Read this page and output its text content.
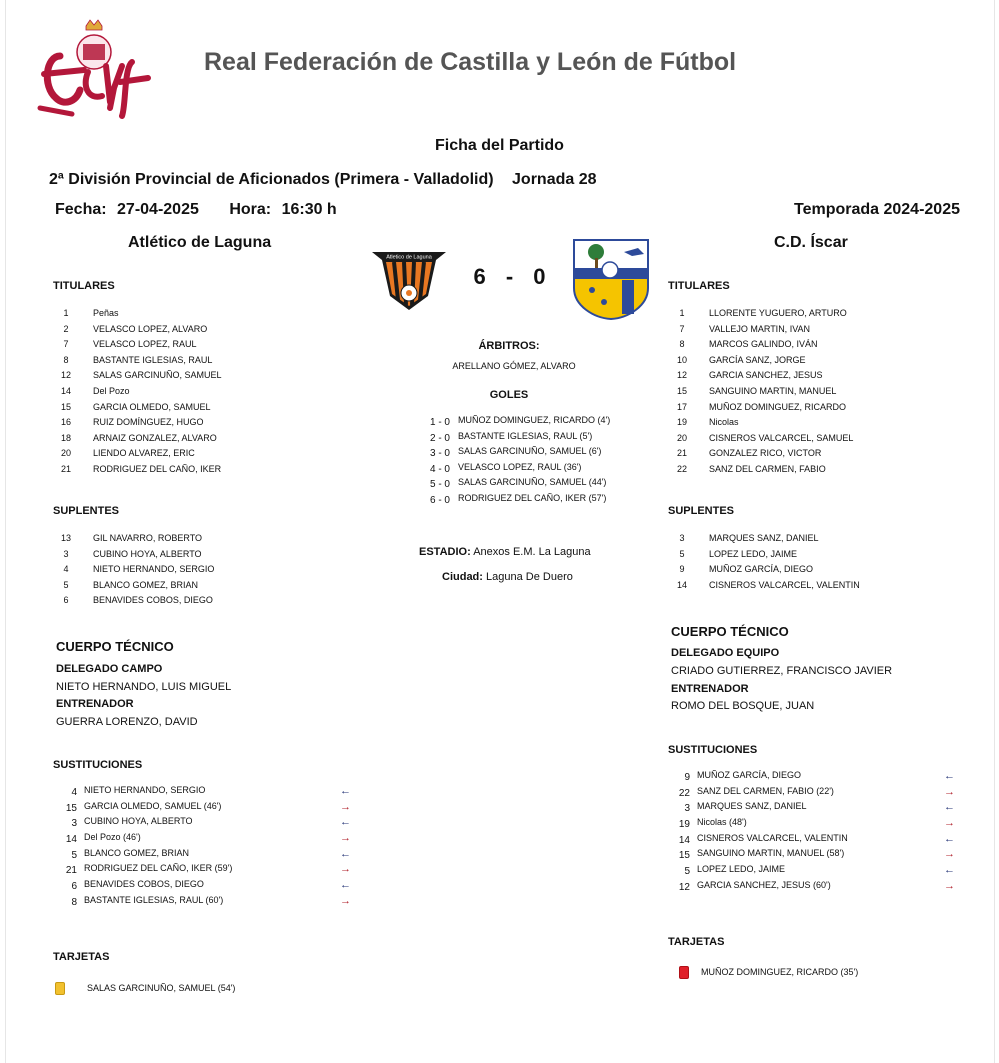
Real Federación de Castilla y León de Fútbol
Ficha del Partido
2ª División Provincial de Aficionados (Primera - Valladolid) Jornada 28
Fecha: 27-04-2025 Hora: 16:30 h	Temporada 2024-2025
Atlético de Laguna	C.D. Íscar
Atletico de Laguna
6 - 0
TITULARES
1	Peñas
2	VELASCO LOPEZ, ALVARO
7	VELASCO LOPEZ, RAUL
8	BASTANTE IGLESIAS, RAUL
12	SALAS GARCINUÑO, SAMUEL
14	Del Pozo
15	GARCIA OLMEDO, SAMUEL
16	RUIZ DOMÍNGUEZ, HUGO
18	ARNAIZ GONZALEZ, ALVARO
20	LIENDO ALVAREZ, ERIC
21	RODRIGUEZ DEL CAÑO, IKER
SUPLENTES
13	GIL NAVARRO, ROBERTO
3	CUBINO HOYA, ALBERTO
4	NIETO HERNANDO, SERGIO
5	BLANCO GOMEZ, BRIAN
6	BENAVIDES COBOS, DIEGO
CUERPO TÉCNICO
DELEGADO CAMPO
NIETO HERNANDO, LUIS MIGUEL
ENTRENADOR
GUERRA LORENZO, DAVID
SUSTITUCIONES
4 NIETO HERNANDO, SERGIO	←
15 GARCIA OLMEDO, SAMUEL (46')	→
3 CUBINO HOYA, ALBERTO	←
14 Del Pozo (46')	→
5 BLANCO GOMEZ, BRIAN	←
21 RODRIGUEZ DEL CAÑO, IKER (59')	→
6 BENAVIDES COBOS, DIEGO	←
8 BASTANTE IGLESIAS, RAUL (60')	→
TARJETAS
SALAS GARCINUÑO, SAMUEL (54')
ÁRBITROS:
ARELLANO GÓMEZ, ALVARO
GOLES
1 - 0 MUÑOZ DOMINGUEZ, RICARDO (4')
2 - 0 BASTANTE IGLESIAS, RAUL (5')
3 - 0 SALAS GARCINUÑO, SAMUEL (6')
4 - 0 VELASCO LOPEZ, RAUL (36')
5 - 0 SALAS GARCINUÑO, SAMUEL (44')
6 - 0 RODRIGUEZ DEL CAÑO, IKER (57')
ESTADIO: Anexos E.M. La Laguna
Ciudad: Laguna De Duero
TITULARES
1	LLORENTE YUGUERO, ARTURO
7	VALLEJO MARTIN, IVAN
8	MARCOS GALINDO, IVÁN
10	GARCÍA SANZ, JORGE
12	GARCIA SANCHEZ, JESUS
15	SANGUINO MARTIN, MANUEL
17	MUÑOZ DOMINGUEZ, RICARDO
19	Nicolas
20	CISNEROS VALCARCEL, SAMUEL
21	GONZALEZ RICO, VICTOR
22	SANZ DEL CARMEN, FABIO
SUPLENTES
3	MARQUES SANZ, DANIEL
5	LOPEZ LEDO, JAIME
9	MUÑOZ GARCÍA, DIEGO
14	CISNEROS VALCARCEL, VALENTIN
CUERPO TÉCNICO
DELEGADO EQUIPO
CRIADO GUTIERREZ, FRANCISCO JAVIER
ENTRENADOR
ROMO DEL BOSQUE, JUAN
SUSTITUCIONES
9 MUÑOZ GARCÍA, DIEGO	←
22 SANZ DEL CARMEN, FABIO (22')	→
3 MARQUES SANZ, DANIEL	←
19 Nicolas (48')	→
14 CISNEROS VALCARCEL, VALENTIN	←
15 SANGUINO MARTIN, MANUEL (58')	→
5 LOPEZ LEDO, JAIME	←
12 GARCIA SANCHEZ, JESUS (60')	→
TARJETAS
MUÑOZ DOMINGUEZ, RICARDO (35')
